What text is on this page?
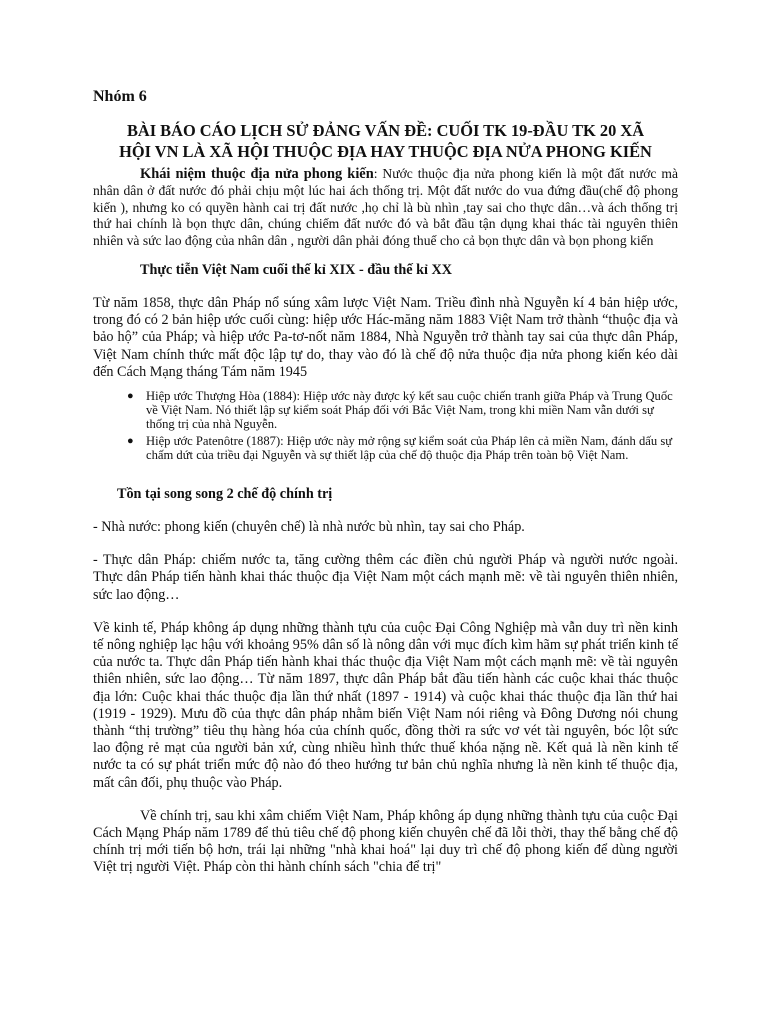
Nhóm 6
BÀI BÁO CÁO LỊCH SỬ ĐẢNG VẤN ĐỀ: CUỐI TK 19-ĐẦU TK 20 XÃ
HỘI VN LÀ XÃ HỘI THUỘC ĐỊA HAY THUỘC ĐỊA NỬA PHONG KIẾN

Khái niệm thuộc địa nửa phong kiến: Nước thuộc địa nửa phong kiến là một đất nước mà nhân dân ở đất nước đó phải chịu một lúc hai ách thống trị. Một đất nước do vua đứng đầu(chế độ phong kiến ), nhưng ko có quyền hành cai trị đất nước ,họ chỉ là bù nhìn ,tay sai cho thực dân…và ách thống trị thứ hai chính là bọn thực dân, chúng chiếm đất nước đó và bắt đầu tận dụng khai thác tài nguyên thiên nhiên và sức lao động của nhân dân , người dân phải đóng thuế cho cả bọn thực dân và bọn phong kiến

Thực tiễn Việt Nam cuối thế kỉ XIX - đầu thế kỉ XX

Từ năm 1858, thực dân Pháp nổ súng xâm lược Việt Nam. Triều đình nhà Nguyễn kí 4 bản hiệp ước, trong đó có 2 bản hiệp ước cuối cùng: hiệp ước Hác-măng năm 1883 Việt Nam trở thành “thuộc địa và bảo hộ” của Pháp; và hiệp ước Pa-tơ-nốt năm 1884, Nhà Nguyễn trở thành tay sai của thực dân Pháp, Việt Nam chính thức mất độc lập tự do, thay vào đó là chế độ nửa thuộc địa nửa phong kiến kéo dài đến Cách Mạng tháng Tám năm 1945

● Hiệp ước Thượng Hòa (1884): Hiệp ước này được ký kết sau cuộc chiến tranh giữa Pháp và Trung Quốc về Việt Nam. Nó thiết lập sự kiểm soát Pháp đối với Bắc Việt Nam, trong khi miền Nam vẫn dưới sự thống trị của nhà Nguyễn.
● Hiệp ước Patenôtre (1887): Hiệp ước này mở rộng sự kiểm soát của Pháp lên cả miền Nam, đánh dấu sự chấm dứt của triều đại Nguyễn và sự thiết lập của chế độ thuộc địa Pháp trên toàn bộ Việt Nam.
Tồn tại song song 2 chế độ chính trị

- Nhà nước: phong kiến (chuyên chế) là nhà nước bù nhìn, tay sai cho Pháp.

- Thực dân Pháp: chiếm nước ta, tăng cường thêm các điền chủ người Pháp và người nước ngoài. Thực dân Pháp tiến hành khai thác thuộc địa Việt Nam một cách mạnh mẽ: về tài nguyên thiên nhiên, sức lao động…

Về kinh tế, Pháp không áp dụng những thành tựu của cuộc Đại Công Nghiệp mà vẫn duy trì nền kinh tế nông nghiệp lạc hậu với khoảng 95% dân số là nông dân với mục đích kìm hãm sự phát triển kinh tế của nước ta. Thực dân Pháp tiến hành khai thác thuộc địa Việt Nam một cách mạnh mẽ: về tài nguyên thiên nhiên, sức lao động… Từ năm 1897, thực dân Pháp bắt đầu tiến hành các cuộc khai thác thuộc địa lớn: Cuộc khai thác thuộc địa lần thứ nhất (1897 - 1914) và cuộc khai thác thuộc địa lần thứ hai (1919 - 1929). Mưu đồ của thực dân pháp nhằm biến Việt Nam nói riêng và Đông Dương nói chung thành “thị trường” tiêu thụ hàng hóa của chính quốc, đồng thời ra sức vơ vét tài nguyên, bóc lột sức lao động rẻ mạt của người bản xứ, cùng nhiều hình thức thuế khóa nặng nề. Kết quả là nền kinh tế nước ta có sự phát triển mức độ nào đó theo hướng tư bản chủ nghĩa nhưng là nền kinh tế thuộc địa, mất cân đối, phụ thuộc vào Pháp.

Về chính trị, sau khi xâm chiếm Việt Nam, Pháp không áp dụng những thành tựu của cuộc Đại Cách Mạng Pháp năm 1789 để thủ tiêu chế độ phong kiến chuyên chế đã lỗi thời, thay thế bằng chế độ chính trị mới tiến bộ hơn, trái lại những "nhà khai hoá" lại duy trì chế độ phong kiến để dùng người Việt trị người Việt. Pháp còn thi hành chính sách "chia để trị"
